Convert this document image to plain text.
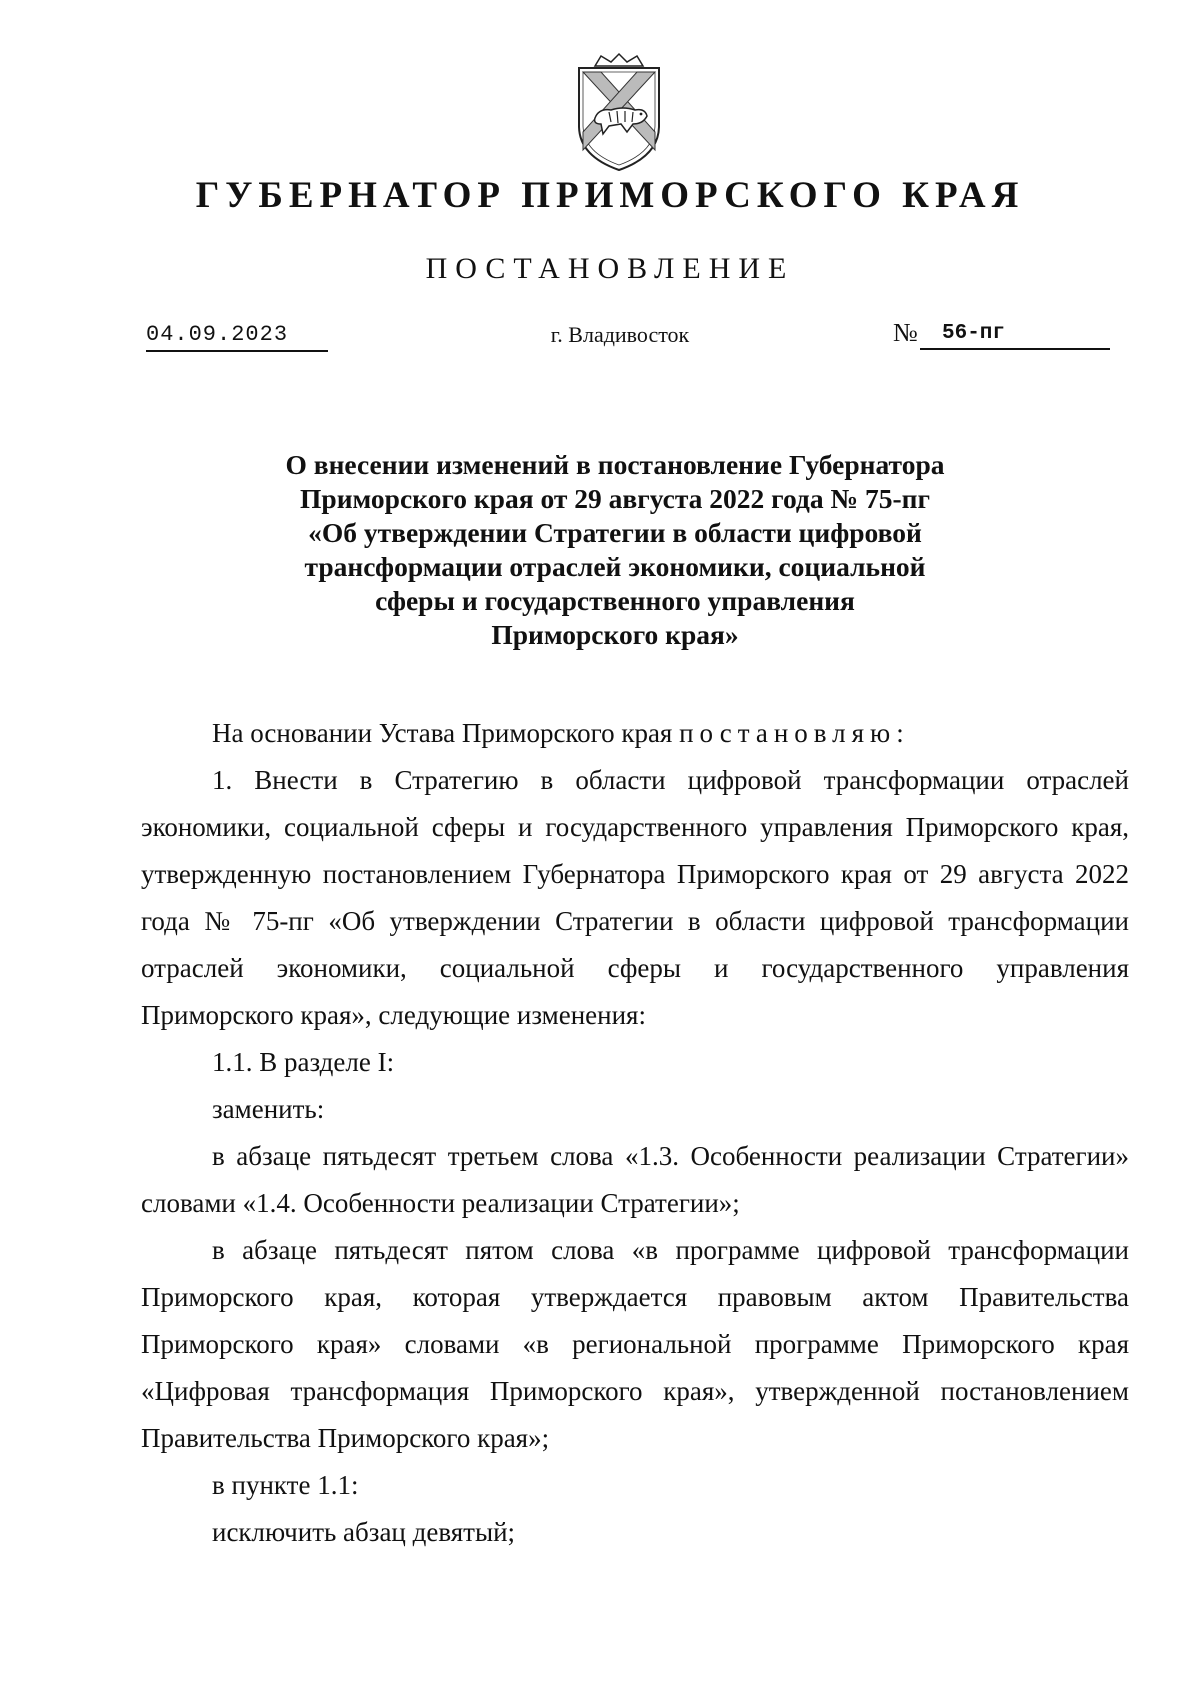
ГУБЕРНАТОР ПРИМОРСКОГО КРАЯ
ПОСТАНОВЛЕНИЕ
04.09.2023	г. Владивосток	№	56-пг
О внесении изменений в постановление Губернатора
Приморского края от 29 августа 2022 года № 75-пг
«Об утверждении Стратегии в области цифровой
трансформации отраслей экономики, социальной
сферы и государственного управления
Приморского края»

На основании Устава Приморского края постановляю:

1. Внести в Стратегию в области цифровой трансформации отраслей экономики, социальной сферы и государственного управления Приморского края, утвержденную постановлением Губернатора Приморского края от 29 августа 2022 года № 75-пг «Об утверждении Стратегии в области цифровой трансформации отраслей экономики, социальной сферы и государственного управления Приморского края», следующие изменения:

1.1. В разделе I:

заменить:

в абзаце пятьдесят третьем слова «1.3. Особенности реализации Стратегии» словами «1.4. Особенности реализации Стратегии»;

в абзаце пятьдесят пятом слова «в программе цифровой трансформации Приморского края, которая утверждается правовым актом Правительства Приморского края» словами «в региональной программе Приморского края «Цифровая трансформация Приморского края», утвержденной постановлением Правительства Приморского края»;

в пункте 1.1:

исключить абзац девятый;
